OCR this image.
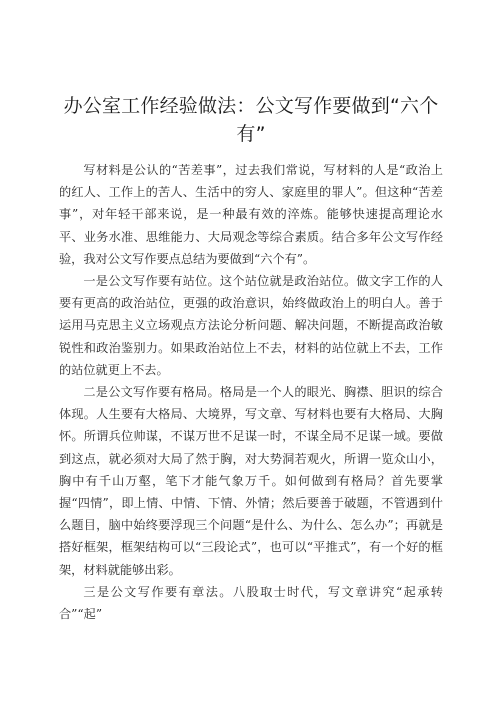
办公室工作经验做法：公文写作要做到“六个有”

写材料是公认的“苦差事”，过去我们常说，写材料的人是“政治上的红人、工作上的苦人、生活中的穷人、家庭里的罪人”。但这种“苦差事”，对年轻干部来说，是一种最有效的淬炼。能够快速提高理论水平、业务水准、思维能力、大局观念等综合素质。结合多年公文写作经验，我对公文写作要点总结为要做到“六个有”。

一是公文写作要有站位。这个站位就是政治站位。做文字工作的人要有更高的政治站位，更强的政治意识，始终做政治上的明白人。善于运用马克思主义立场观点方法论分析问题、解决问题，不断提高政治敏锐性和政治鉴别力。如果政治站位上不去，材料的站位就上不去，工作的站位就更上不去。

二是公文写作要有格局。格局是一个人的眼光、胸襟、胆识的综合体现。人生要有大格局、大境界，写文章、写材料也要有大格局、大胸怀。所谓兵位帅谋，不谋万世不足谋一时，不谋全局不足谋一域。要做到这点，就必须对大局了然于胸，对大势洞若观火，所谓一览众山小，胸中有千山万壑，笔下才能气象万千。如何做到有格局？首先要掌握“四情”，即上情、中情、下情、外情；然后要善于破题，不管遇到什么题目，脑中始终要浮现三个问题“是什么、为什么、怎么办”；再就是搭好框架，框架结构可以“三段论式”，也可以“平推式”，有一个好的框架，材料就能够出彩。

三是公文写作要有章法。八股取士时代，写文章讲究“起承转合”“起”
